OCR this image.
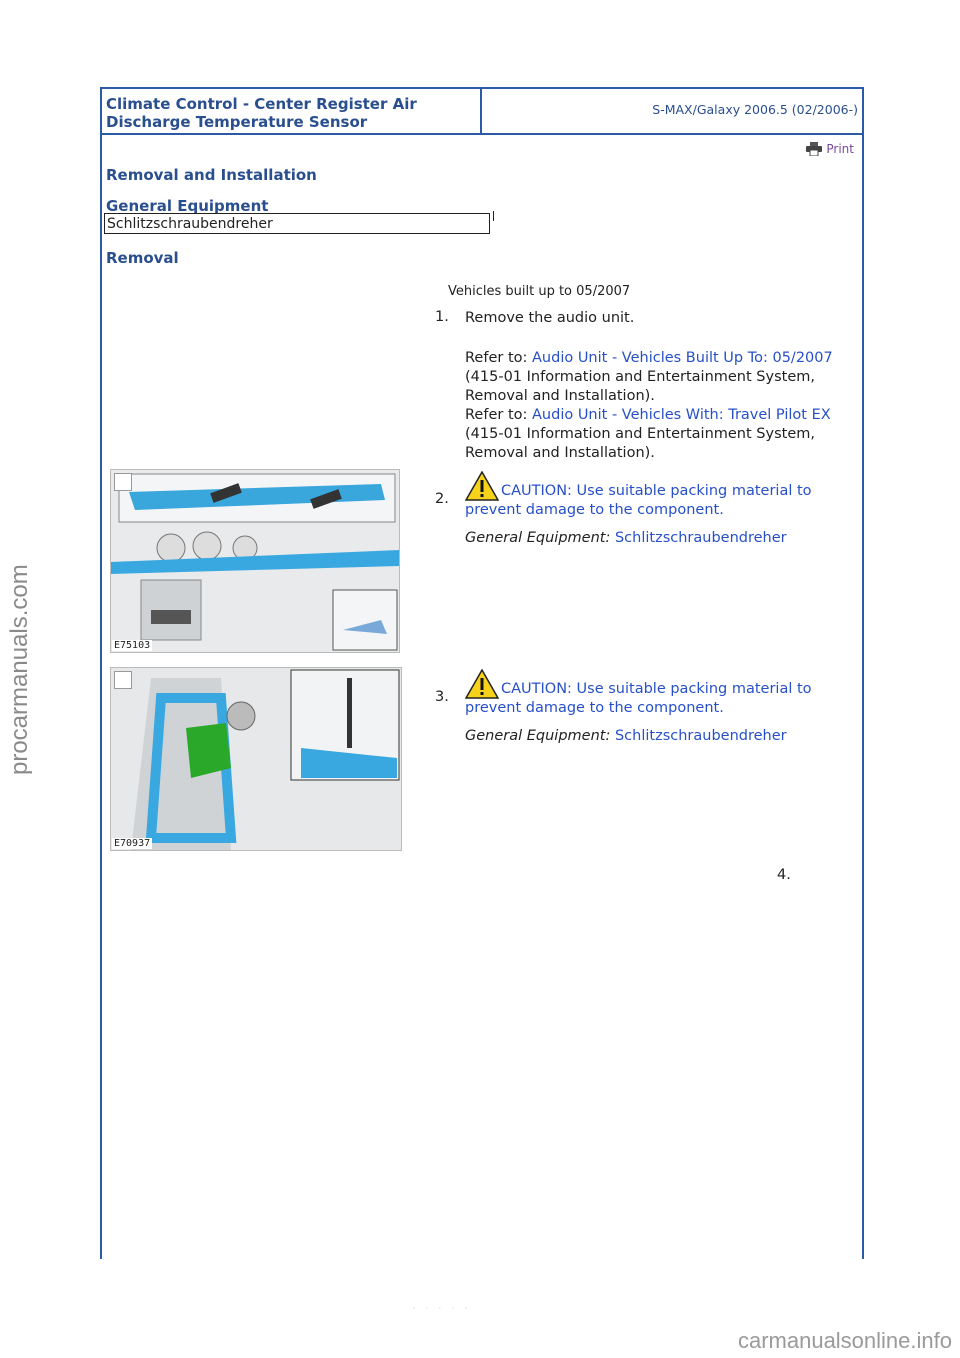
Climate Control - Center Register Air Discharge Temperature Sensor
S-MAX/Galaxy 2006.5 (02/2006-)
Print
Removal and Installation
General Equipment
Schlitzschraubendreher
Removal
Vehicles built up to 05/2007
1. Remove the audio unit.
Refer to: Audio Unit - Vehicles Built Up To: 05/2007 (415-01 Information and Entertainment System, Removal and Installation).
Refer to: Audio Unit - Vehicles With: Travel Pilot EX (415-01 Information and Entertainment System, Removal and Installation).
E75103
2.	CAUTION: Use suitable packing material to prevent damage to the component.
General Equipment: Schlitzschraubendreher
E70937
3.	CAUTION: Use suitable packing material to prevent damage to the component.
General Equipment: Schlitzschraubendreher
4.
· · · · ·
procarmanuals.com
carmanualsonline.info
